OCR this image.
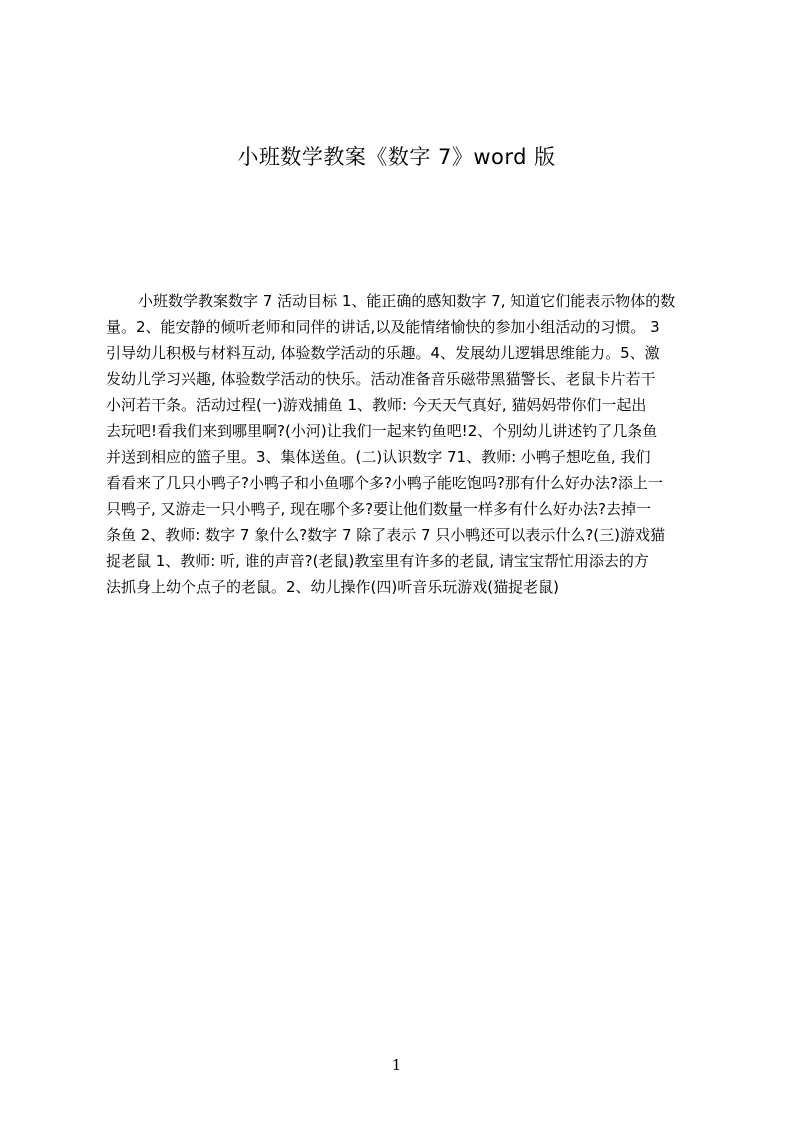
小班数学教案《数字 7》word 版
小班数学教案数字 7 活动目标 1、能正确的感知数字 7, 知道它们能表示物体的数
量。2、能安静的倾听老师和同伴的讲话,以及能情绪愉快的参加小组活动的习惯。 3
引导幼儿积极与材料互动, 体验数学活动的乐趣。4、发展幼儿逻辑思维能力。5、激
发幼儿学习兴趣, 体验数学活动的快乐。活动准备音乐磁带黑猫警长、老鼠卡片若干
小河若干条。活动过程(一)游戏捕鱼 1、教师: 今天天气真好, 猫妈妈带你们一起出
去玩吧!看我们来到哪里啊?(小河)让我们一起来钓鱼吧!2、个别幼儿讲述钓了几条鱼
并送到相应的篮子里。3、集体送鱼。(二)认识数字 71、教师: 小鸭子想吃鱼, 我们
看看来了几只小鸭子?小鸭子和小鱼哪个多?小鸭子能吃饱吗?那有什么好办法?添上一
只鸭子, 又游走一只小鸭子, 现在哪个多?要让他们数量一样多有什么好办法?去掉一
条鱼 2、教师: 数字 7 象什么?数字 7 除了表示 7 只小鸭还可以表示什么?(三)游戏猫
捉老鼠 1、教师: 听, 谁的声音?(老鼠)教室里有许多的老鼠, 请宝宝帮忙用添去的方
法抓身上幼个点子的老鼠。2、幼儿操作(四)听音乐玩游戏(猫捉老鼠)
1
